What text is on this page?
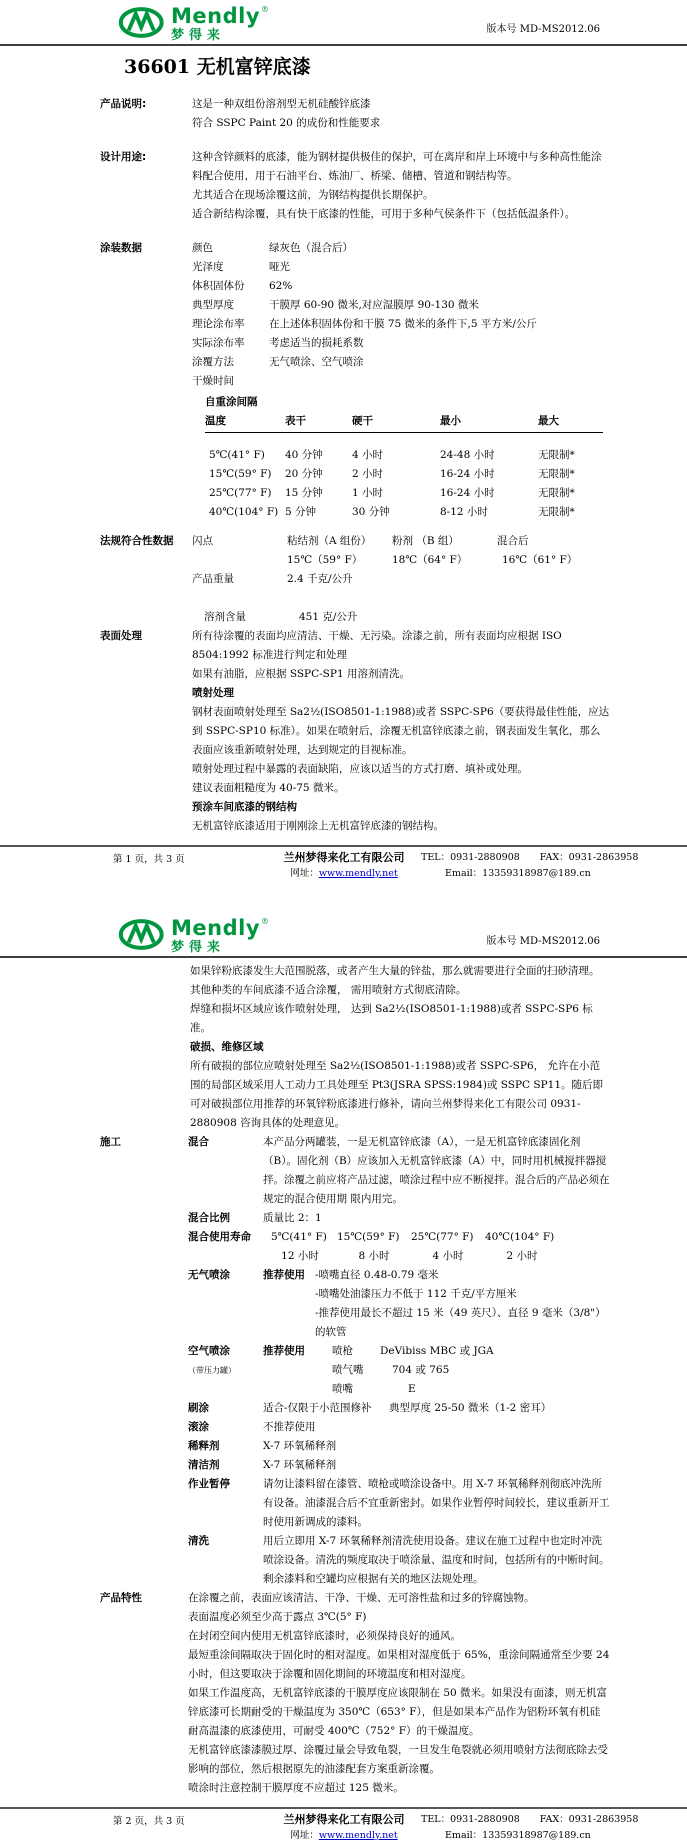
Mendly ®
梦得来	版本号 MD-MS2012.06
36601 无机富锌底漆
产品说明:	这是一种双组份溶剂型无机硅酸锌底漆

符合 SSPC Paint 20 的成份和性能要求

设计用途:	这种含锌颜料的底漆，能为钢材提供极佳的保护，可在离岸和岸上环境中与多种高性能涂料配合使用，用于石油平台、炼油厂、桥梁、储槽、管道和钢结构等。

尤其适合在现场涂覆这前，为钢结构提供长期保护。

适合新结构涂覆，具有快干底漆的性能，可用于多种气侯条件下（包括低温条件）。

涂装数据	颜色	绿灰色（混合后）
光泽度	哑光
体积固体份	62%
典型厚度	干膜厚 60-90 微米,对应湿膜厚 90-130 微米
理论涂布率	在上述体积固体份和干膜 75 微米的条件下,5 平方米/公斤
实际涂布率	考虑适当的损耗系数
涂覆方法	无气喷涂、空气喷涂
干燥时间
自重涂间隔
温度	表干	硬干	最小	最大
5℃(41° F)	40 分钟	4 小时	24-48 小时	无限制*
15℃(59° F)	20 分钟	2 小时	16-24 小时	无限制*
25℃(77° F)	15 分钟	1 小时	16-24 小时	无限制*
40℃(104° F) 5 分钟	30 分钟	8-12 小时	无限制*
法规符合性数据	闪点	粘结剂（A 组份）	粉剂 （B 组）	混合后
15℃（59° F）	18℃（64° F）	16℃（61° F）
产品重量	2.4 千克/公升
溶剂含量	451 克/公升
表面处理	所有待涂覆的表面均应清洁、干燥、无污染。涂漆之前，所有表面均应根据 ISO 8504:1992 标准进行判定和处理

如果有油脂，应根据 SSPC-SP1 用溶剂清洗。

喷射处理

钢材表面喷射处理至 Sa2½(ISO8501-1:1988)或者 SSPC-SP6（要获得最佳性能，应达到 SSPC-SP10 标准）。如果在喷射后，涂覆无机富锌底漆之前，钢表面发生氧化，那么表面应该重新喷射处理，达到规定的目视标准。

喷射处理过程中暴露的表面缺陷，应该以适当的方式打磨、填补或处理。

建议表面粗糙度为 40-75 微米。

预涂车间底漆的钢结构

无机富锌底漆适用于刚刚涂上无机富锌底漆的钢结构。

第 1 页，共 3 页	兰州梦得来化工有限公司
网址：www.mendly.net
TEL：0931-2880908 FAX：0931-2863958
Email：13359318987@189.cn
Mendly ®
梦得来	版本号 MD-MS2012.06

如果锌粉底漆发生大范围脱落，或者产生大量的锌盐，那么就需要进行全面的扫砂清理。

其他种类的车间底漆不适合涂覆， 需用喷射方式彻底清除。

焊缝和损坏区域应该作喷射处理， 达到 Sa2½(ISO8501-1:1988)或者 SSPC-SP6 标准。

破损、维修区域

所有破损的部位应喷射处理至 Sa2½(ISO8501-1:1988)或者 SSPC-SP6， 允许在小范围的局部区域采用人工动力工具处理至 Pt3(JSRA SPSS:1984)或 SSPC SP11。随后即可对破损部位用推荐的环氧锌粉底漆进行修补，请向兰州梦得来化工有限公司 0931-2880908 咨询具体的处理意见。

施工	混合	本产品分两罐装，一是无机富锌底漆（A），一是无机富锌底漆固化剂（B）。固化剂（B）应该加入无机富锌底漆（A）中，同时用机械搅拌器搅拌。涂覆之前应将产品过滤，喷涂过程中应不断搅拌。混合后的产品必须在规定的混合使用期 限内用完。
混合比例	质量比 2：1
混合使用寿命	5℃(41° F) 15℃(59° F)	25℃(77° F)	40℃(104° F)
12 小时	8 小时	4 小时	2 小时
无气喷涂	推荐使用 -喷嘴直径 0.48-0.79 毫米
-喷嘴处油漆压力不低于 112 千克/平方厘米
-推荐使用最长不超过 15 米（49 英尺）、直径 9 毫米（3/8"）的软管
空气喷涂
（带压力罐）
推荐使用	喷枪	DeVibiss MBC 或 JGA
喷气嘴	704 或 765
喷嘴	E
刷涂	适合-仅限于小范围修补	典型厚度 25-50 微米（1-2 密耳）
滚涂	不推荐使用
稀释剂	X-7 环氧稀释剂
清洁剂	X-7 环氧稀释剂
作业暂停	请勿让漆料留在漆管、喷枪或喷涂设备中。用 X-7 环氧稀释剂彻底冲洗所有设备。油漆混合后不宜重新密封。如果作业暂停时间较长，建议重新开工时使用新调成的漆料。
清洗	用后立即用 X-7 环氧稀释剂清洗使用设备。建议在施工过程中也定时冲洗喷涂设备。清洗的频度取决于喷涂量、温度和时间，包括所有的中断时间。剩余漆料和空罐均应根据有关的地区法规处理。
产品特性	在涂覆之前，表面应该清洁、干净、干燥、无可溶性盐和过多的锌腐蚀物。

表面温度必须至少高于露点 3℃(5° F)

在封闭空间内使用无机富锌底漆时，必须保持良好的通风。

最短重涂间隔取决于固化时的相对湿度。如果相对湿度低于 65%，重涂间隔通常至少要 24 小时，但这要取决于涂覆和固化期间的环境温度和相对湿度。

如果工作温度高，无机富锌底漆的干膜厚度应该限制在 50 微米。如果没有面漆，则无机富锌底漆可长期耐受的干燥温度为 350℃（653° F），但是如果本产品作为铝粉环氧有机硅耐高温漆的底漆使用，可耐受 400℃（752° F）的干燥温度。

无机富锌底漆漆膜过厚、涂覆过量会导致龟裂，一旦发生龟裂就必须用喷射方法彻底除去受影响的部位，然后根据原先的油漆配套方案重新涂覆。

喷涂时注意控制干膜厚度不应超过 125 微米。

第 2 页，共 3 页	兰州梦得来化工有限公司
网址：www.mendly.net
TEL：0931-2880908 FAX：0931-2863958
Email：13359318987@189.cn
